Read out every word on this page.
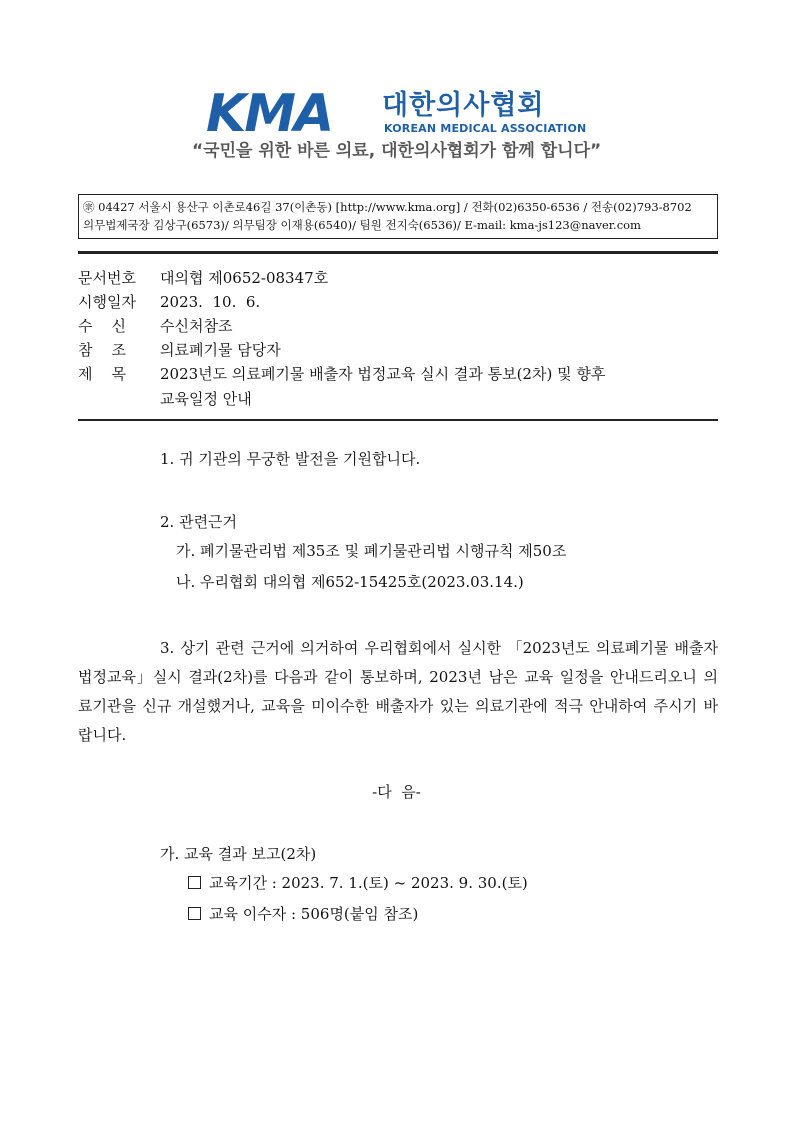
KMA 대한의사협회
KOREAN MEDICAL ASSOCIATION
“국민을 위한 바른 의료, 대한의사협회가 함께 합니다”
㊪ 04427 서울시 용산구 이촌로46길 37(이촌동) [http://www.kma.org] / 전화(02)6350-6536 / 전송(02)793-8702
의무법제국장 김상구(6573)/ 의무팀장 이재용(6540)/ 팀원 전지숙(6536)/ E-mail: kma-js123@naver.com
문서번호	대의협 제0652-08347호
시행일자	2023.  10.  6.
수    신	수신처참조
참    조	의료폐기물 담당자
제    목	2023년도 의료폐기물 배출자 법정교육 실시 결과 통보(2차) 및 향후
교육일정 안내
1. 귀 기관의 무궁한 발전을 기원합니다.
2. 관련근거
가. 폐기물관리법 제35조 및 폐기물관리법 시행규칙 제50조
나. 우리협회 대의협 제652-15425호(2023.03.14.)
3. 상기 관련 근거에 의거하여 우리협회에서 실시한 「2023년도 의료폐기물 배출자 법정교육」실시 결과(2차)를 다음과 같이 통보하며, 2023년 남은 교육 일정을 안내드리오니 의료기관을 신규 개설했거나, 교육을 미이수한 배출자가 있는 의료기관에 적극 안내하여 주시기 바랍니다.
-다  음-
가. 교육 결과 보고(2차)
교육기간 : 2023. 7. 1.(토) ~ 2023. 9. 30.(토)
교육 이수자 : 506명(붙임 참조)
